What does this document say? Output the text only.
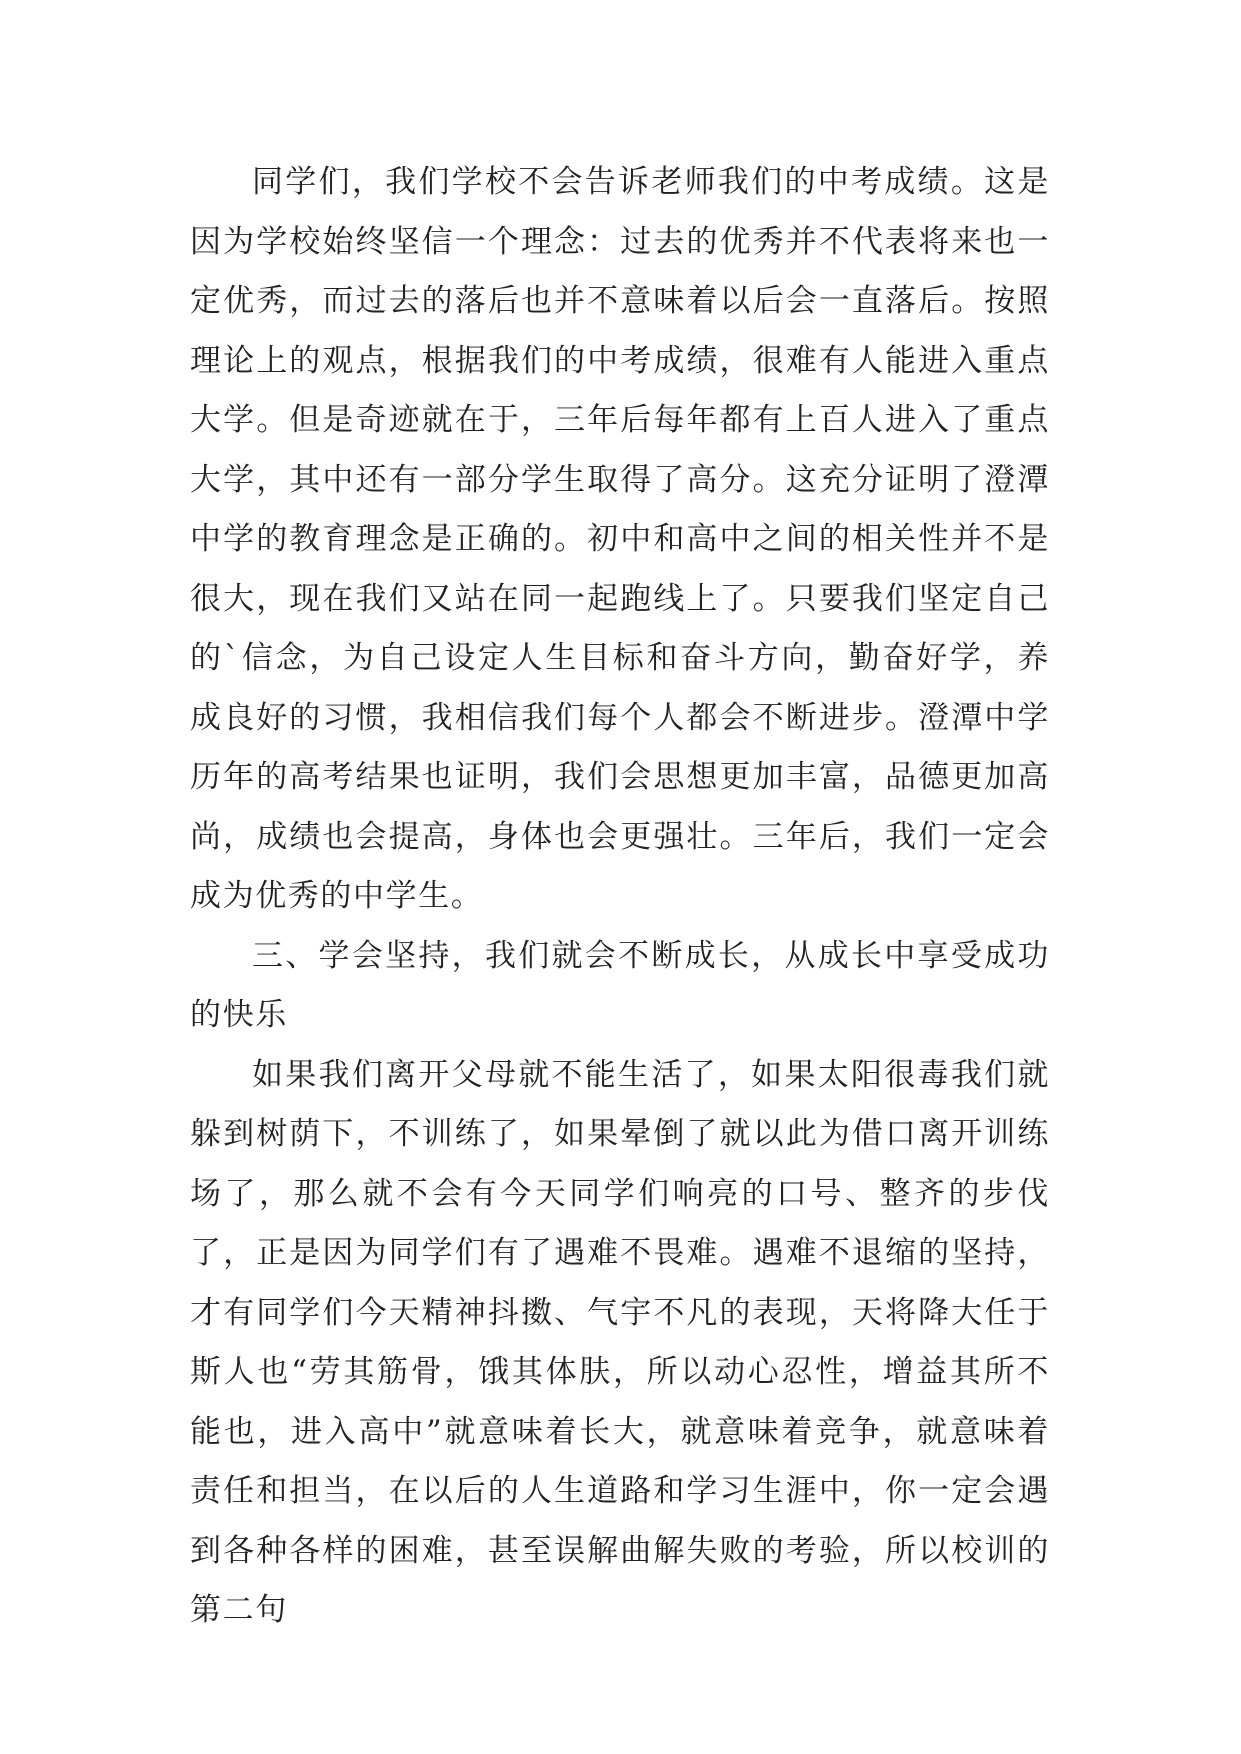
同学们，我们学校不会告诉老师我们的中考成绩。这是因为学校始终坚信一个理念：过去的优秀并不代表将来也一定优秀，而过去的落后也并不意味着以后会一直落后。按照理论上的观点，根据我们的中考成绩，很难有人能进入重点大学。但是奇迹就在于，三年后每年都有上百人进入了重点大学，其中还有一部分学生取得了高分。这充分证明了澄潭中学的教育理念是正确的。初中和高中之间的相关性并不是很大，现在我们又站在同一起跑线上了。只要我们坚定自己的`信念，为自己设定人生目标和奋斗方向，勤奋好学，养成良好的习惯，我相信我们每个人都会不断进步。澄潭中学历年的高考结果也证明，我们会思想更加丰富，品德更加高尚，成绩也会提高，身体也会更强壮。三年后，我们一定会成为优秀的中学生。

三、学会坚持，我们就会不断成长，从成长中享受成功的快乐

如果我们离开父母就不能生活了，如果太阳很毒我们就躲到树荫下，不训练了，如果晕倒了就以此为借口离开训练场了，那么就不会有今天同学们响亮的口号、整齐的步伐了，正是因为同学们有了遇难不畏难。遇难不退缩的坚持，才有同学们今天精神抖擞、气宇不凡的表现，天将降大任于斯人也“劳其筋骨，饿其体肤，所以动心忍性，增益其所不能也，进入高中”就意味着长大，就意味着竞争，就意味着责任和担当，在以后的人生道路和学习生涯中，你一定会遇到各种各样的困难，甚至误解曲解失败的考验，所以校训的第二句
